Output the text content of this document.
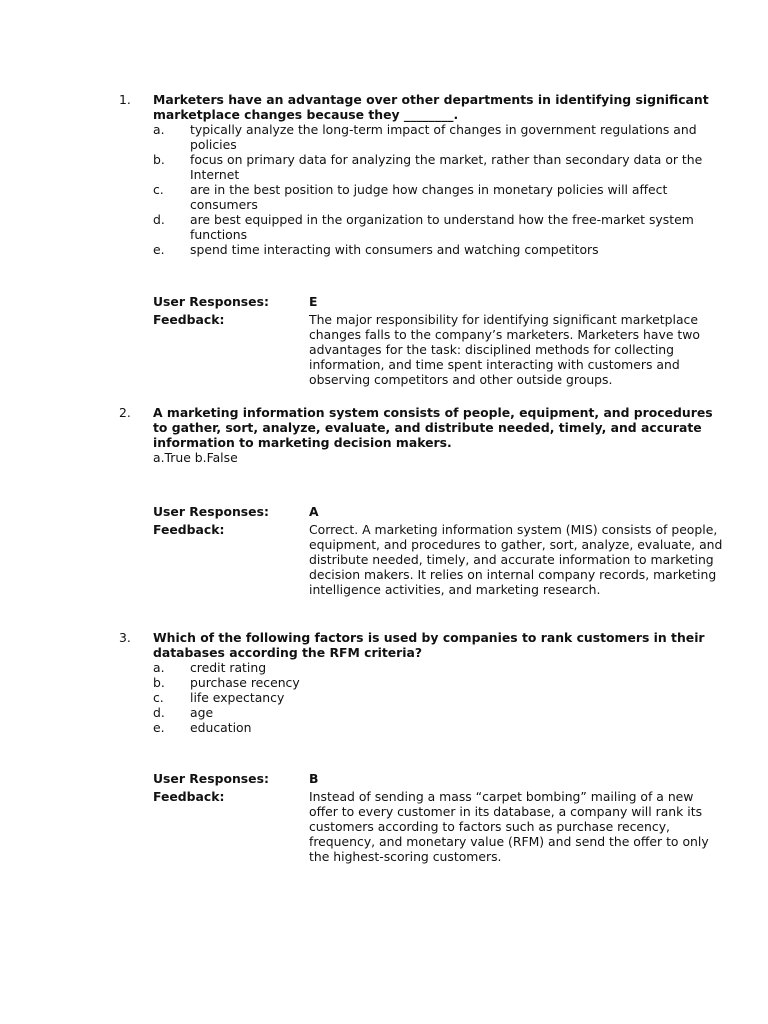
1. Marketers have an advantage over other departments in identifying significant marketplace changes because they ________.
a. typically analyze the long-term impact of changes in government regulations and policies
b. focus on primary data for analyzing the market, rather than secondary data or the Internet
c. are in the best position to judge how changes in monetary policies will affect consumers
d. are best equipped in the organization to understand how the free-market system functions
e. spend time interacting with consumers and watching competitors
User Responses:	E
Feedback:	The major responsibility for identifying significant marketplace changes falls to the company’s marketers. Marketers have two advantages for the task: disciplined methods for collecting information, and time spent interacting with customers and observing competitors and other outside groups.
2. A marketing information system consists of people, equipment, and procedures to gather, sort, analyze, evaluate, and distribute needed, timely, and accurate information to marketing decision makers.
a.True b.False
User Responses:	A
Feedback:	Correct. A marketing information system (MIS) consists of people, equipment, and procedures to gather, sort, analyze, evaluate, and distribute needed, timely, and accurate information to marketing decision makers. It relies on internal company records, marketing intelligence activities, and marketing research.
3. Which of the following factors is used by companies to rank customers in their databases according the RFM criteria?
a. credit rating
b. purchase recency
c. life expectancy
d. age
e. education
User Responses:	B
Feedback:	Instead of sending a mass “carpet bombing” mailing of a new offer to every customer in its database, a company will rank its customers according to factors such as purchase recency, frequency, and monetary value (RFM) and send the offer to only the highest-scoring customers.
